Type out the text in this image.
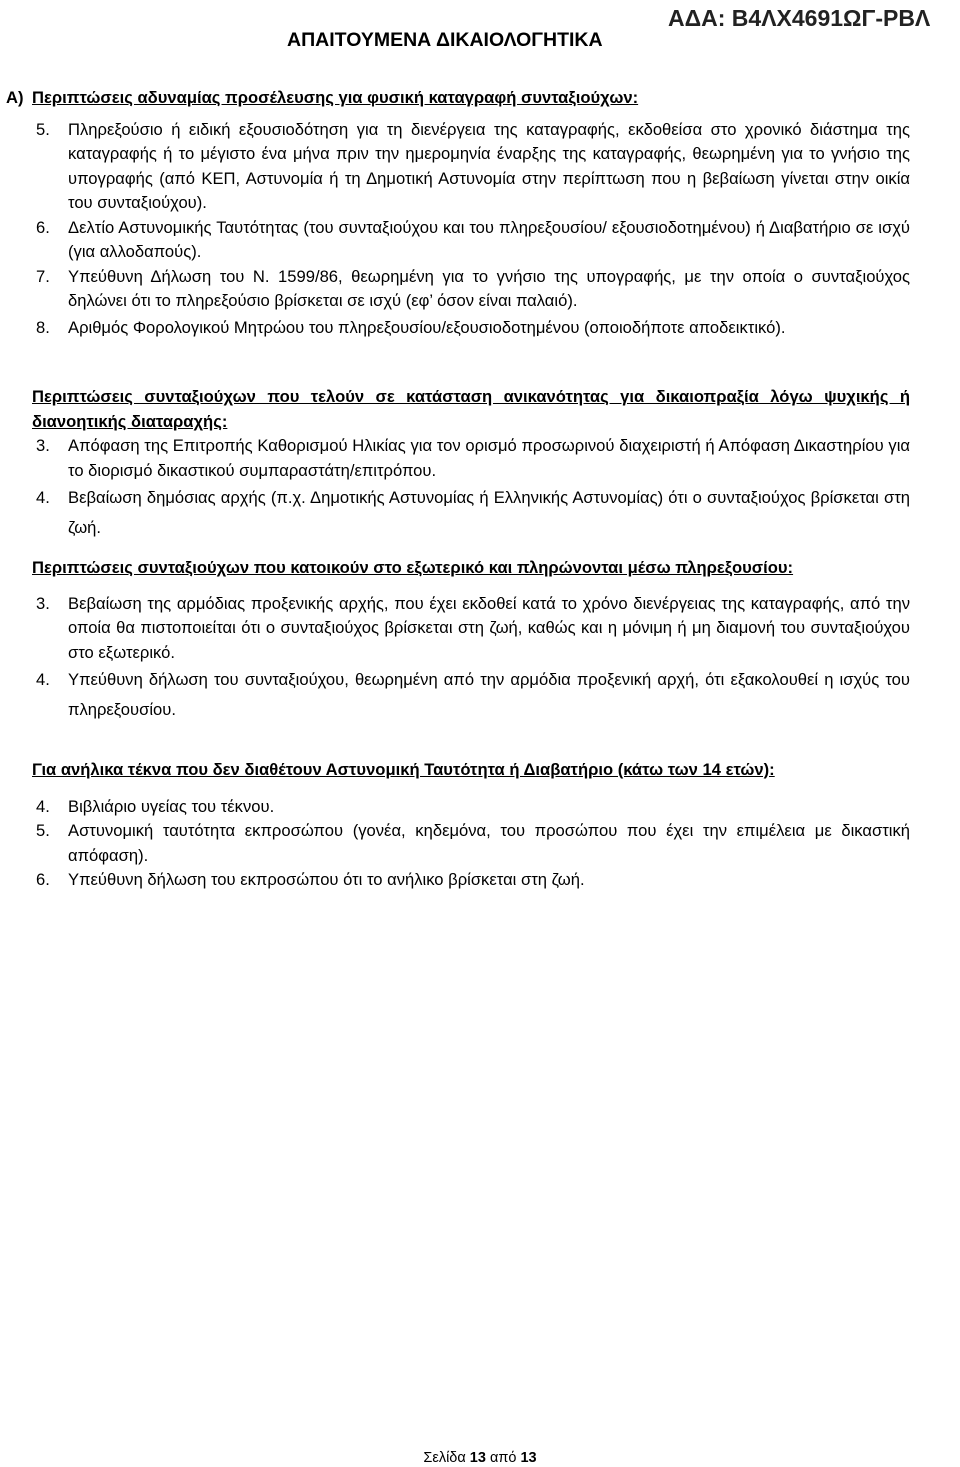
ΑΠΑΙΤΟΥΜΕΝΑ ΔΙΚΑΙΟΛΟΓΗΤΙΚΑ
ΑΔΑ: Β4ΛΧ4691ΩΓ-ΡΒΛ
Α) Περιπτώσεις αδυναμίας προσέλευσης για φυσική καταγραφή συνταξιούχων:
5.	Πληρεξούσιο ή ειδική εξουσιοδότηση για τη διενέργεια της καταγραφής, εκδοθείσα στο χρονικό διάστημα της καταγραφής ή το μέγιστο ένα μήνα πριν την ημερομηνία έναρξης της καταγραφής, θεωρημένη για το γνήσιο της υπογραφής (από ΚΕΠ, Αστυνομία ή τη Δημοτική Αστυνομία στην περίπτωση που η βεβαίωση γίνεται στην οικία του συνταξιούχου).
6.	Δελτίο Αστυνομικής Ταυτότητας (του συνταξιούχου και του πληρεξουσίου/ εξουσιοδοτημένου) ή Διαβατήριο σε ισχύ (για αλλοδαπούς).
7.	Υπεύθυνη Δήλωση του Ν. 1599/86, θεωρημένη για το γνήσιο της υπογραφής, με την οποία ο συνταξιούχος δηλώνει ότι το πληρεξούσιο βρίσκεται σε ισχύ (εφ’ όσον είναι παλαιό).
8.	Αριθμός Φορολογικού Μητρώου του πληρεξουσίου/εξουσιοδοτημένου (οποιοδήποτε αποδεικτικό).
Περιπτώσεις συνταξιούχων που τελούν σε κατάσταση ανικανότητας για δικαιοπραξία λόγω ψυχικής ή διανοητικής διαταραχής:
3.	Απόφαση της Επιτροπής Καθορισμού Ηλικίας για τον ορισμό προσωρινού διαχειριστή ή Απόφαση Δικαστηρίου για το διορισμό δικαστικού συμπαραστάτη/επιτρόπου.
4.	Βεβαίωση δημόσιας αρχής (π.χ. Δημοτικής Αστυνομίας ή Ελληνικής Αστυνομίας) ότι ο συνταξιούχος βρίσκεται στη ζωή.
Περιπτώσεις συνταξιούχων που κατοικούν στο εξωτερικό και πληρώνονται μέσω πληρεξουσίου:
3.	Βεβαίωση της αρμόδιας προξενικής αρχής, που έχει εκδοθεί κατά το χρόνο διενέργειας της καταγραφής, από την οποία θα πιστοποιείται ότι ο συνταξιούχος βρίσκεται στη ζωή, καθώς και η μόνιμη ή μη διαμονή του συνταξιούχου στο εξωτερικό.
4.	Υπεύθυνη δήλωση του συνταξιούχου, θεωρημένη από την αρμόδια προξενική αρχή, ότι εξακολουθεί η ισχύς του πληρεξουσίου.
Για ανήλικα τέκνα που δεν διαθέτουν Αστυνομική Ταυτότητα ή Διαβατήριο (κάτω των 14 ετών):
4.	Βιβλιάριο υγείας του τέκνου.
5.	Αστυνομική ταυτότητα εκπροσώπου (γονέα, κηδεμόνα, του προσώπου που έχει την επιμέλεια με δικαστική απόφαση).
6.	Υπεύθυνη δήλωση του εκπροσώπου ότι το ανήλικο βρίσκεται στη ζωή.
Σελίδα 13 από 13
